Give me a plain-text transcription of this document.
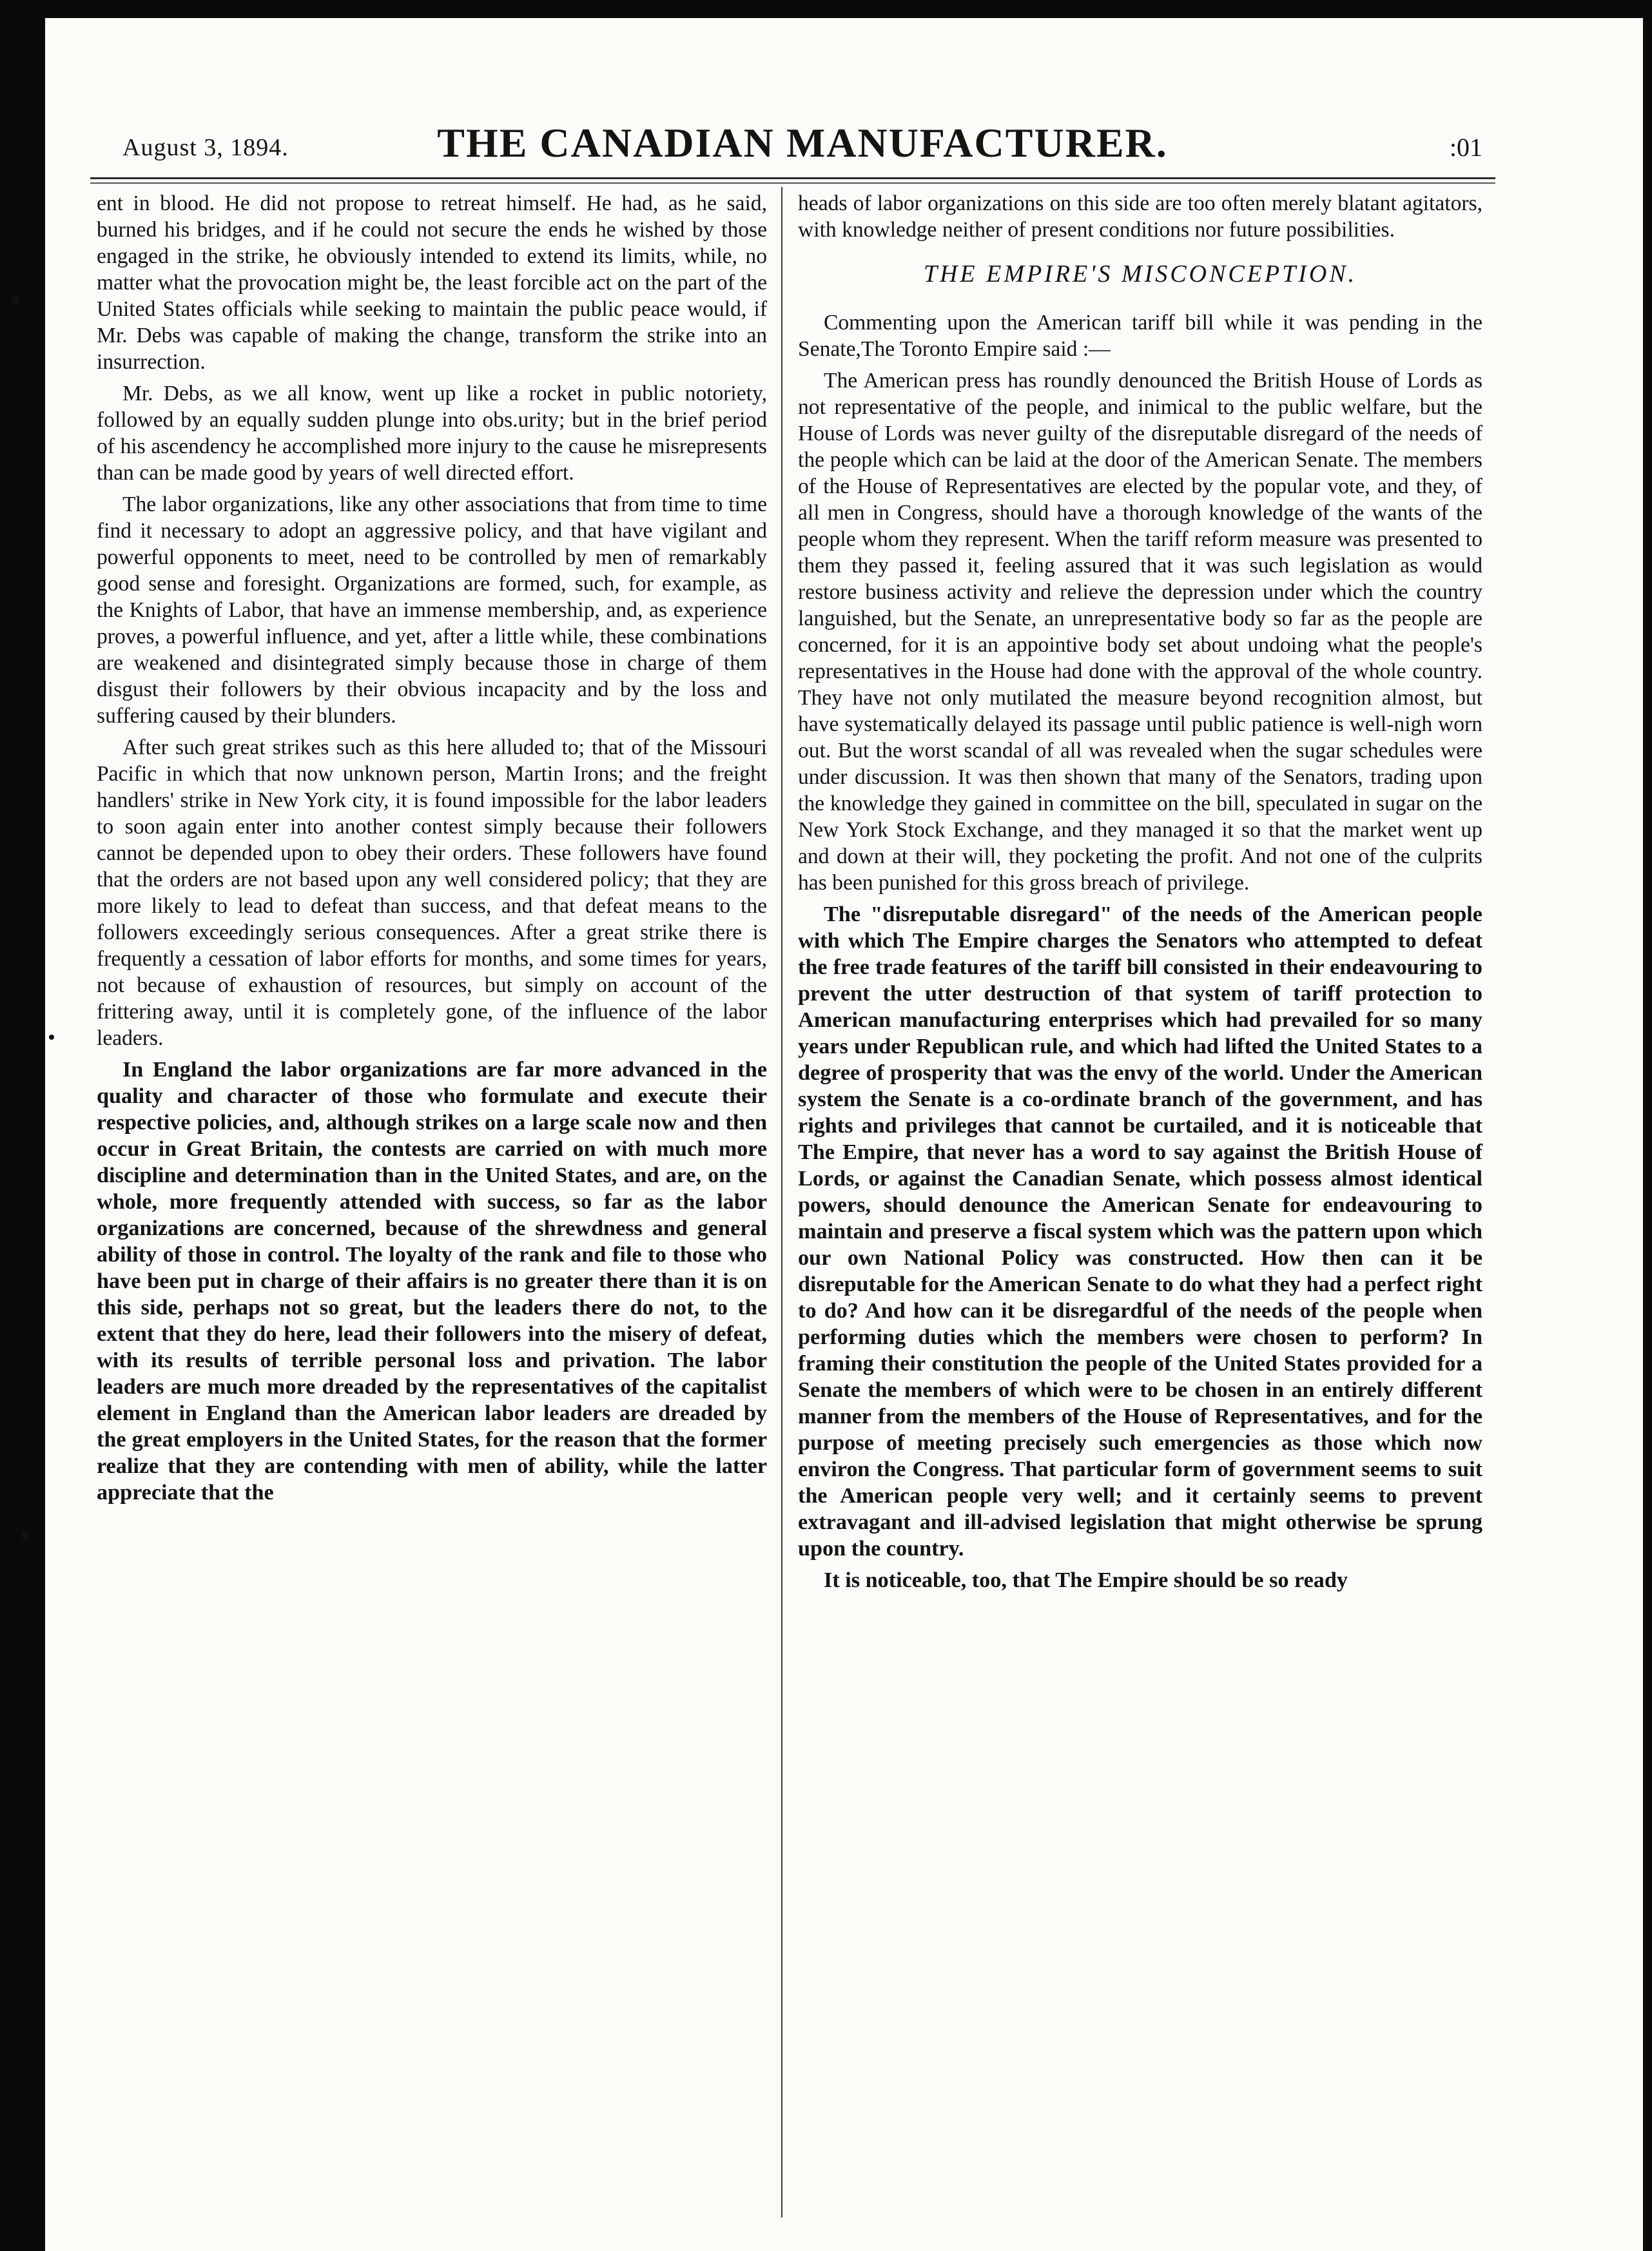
August 3, 1894.	THE CANADIAN MANUFACTURER.	:01

ent in blood. He did not propose to retreat himself. He had, as he said, burned his bridges, and if he could not secure the ends he wished by those engaged in the strike, he obviously intended to extend its limits, while, no matter what the provocation might be, the least forcible act on the part of the United States officials while seeking to maintain the public peace would, if Mr. Debs was capable of making the change, transform the strike into an insurrection.

Mr. Debs, as we all know, went up like a rocket in public notoriety, followed by an equally sudden plunge into obs.urity; but in the brief period of his ascendency he accomplished more injury to the cause he misrepresents than can be made good by years of well directed effort.

The labor organizations, like any other associations that from time to time find it necessary to adopt an aggressive policy, and that have vigilant and powerful opponents to meet, need to be controlled by men of remarkably good sense and foresight. Organizations are formed, such, for example, as the Knights of Labor, that have an immense membership, and, as experience proves, a powerful influence, and yet, after a little while, these combinations are weakened and disintegrated simply because those in charge of them disgust their followers by their obvious incapacity and by the loss and suffering caused by their blunders.

After such great strikes such as this here alluded to; that of the Missouri Pacific in which that now unknown person, Martin Irons; and the freight handlers' strike in New York city, it is found impossible for the labor leaders to soon again enter into another contest simply because their followers cannot be depended upon to obey their orders. These followers have found that the orders are not based upon any well considered policy; that they are more likely to lead to defeat than success, and that defeat means to the followers exceedingly serious consequences. After a great strike there is frequently a cessation of labor efforts for months, and some times for years, not because of exhaustion of resources, but simply on account of the frittering away, until it is completely gone, of the influence of the labor leaders.

In England the labor organizations are far more advanced in the quality and character of those who formulate and execute their respective policies, and, although strikes on a large scale now and then occur in Great Britain, the contests are carried on with much more discipline and determination than in the United States, and are, on the whole, more frequently attended with success, so far as the labor organizations are concerned, because of the shrewdness and general ability of those in control. The loyalty of the rank and file to those who have been put in charge of their affairs is no greater there than it is on this side, perhaps not so great, but the leaders there do not, to the extent that they do here, lead their followers into the misery of defeat, with its results of terrible personal loss and privation. The labor leaders are much more dreaded by the representatives of the capitalist element in England than the American labor leaders are dreaded by the great employers in the United States, for the reason that the former realize that they are contending with men of ability, while the latter appreciate that the

heads of labor organizations on this side are too often merely blatant agitators, with knowledge neither of present conditions nor future possibilities.

THE EMPIRE'S MISCONCEPTION.

Commenting upon the American tariff bill while it was pending in the Senate,The Toronto Empire said :—

The American press has roundly denounced the British House of Lords as not representative of the people, and inimical to the public welfare, but the House of Lords was never guilty of the disreputable disregard of the needs of the people which can be laid at the door of the American Senate. The members of the House of Representatives are elected by the popular vote, and they, of all men in Congress, should have a thorough knowledge of the wants of the people whom they represent. When the tariff reform measure was presented to them they passed it, feeling assured that it was such legislation as would restore business activity and relieve the depression under which the country languished, but the Senate, an unrepresentative body so far as the people are concerned, for it is an appointive body set about undoing what the people's representatives in the House had done with the approval of the whole country. They have not only mutilated the measure beyond recognition almost, but have systematically delayed its passage until public patience is well-nigh worn out. But the worst scandal of all was revealed when the sugar schedules were under discussion. It was then shown that many of the Senators, trading upon the knowledge they gained in committee on the bill, speculated in sugar on the New York Stock Exchange, and they managed it so that the market went up and down at their will, they pocketing the profit. And not one of the culprits has been punished for this gross breach of privilege.

The "disreputable disregard" of the needs of the American people with which The Empire charges the Senators who attempted to defeat the free trade features of the tariff bill consisted in their endeavouring to prevent the utter destruction of that system of tariff protection to American manufacturing enterprises which had prevailed for so many years under Republican rule, and which had lifted the United States to a degree of prosperity that was the envy of the world. Under the American system the Senate is a co-ordinate branch of the government, and has rights and privileges that cannot be curtailed, and it is noticeable that The Empire, that never has a word to say against the British House of Lords, or against the Canadian Senate, which possess almost identical powers, should denounce the American Senate for endeavouring to maintain and preserve a fiscal system which was the pattern upon which our own National Policy was constructed. How then can it be disreputable for the American Senate to do what they had a perfect right to do? And how can it be disregardful of the needs of the people when performing duties which the members were chosen to perform? In framing their constitution the people of the United States provided for a Senate the members of which were to be chosen in an entirely different manner from the members of the House of Representatives, and for the purpose of meeting precisely such emergencies as those which now environ the Congress. That particular form of government seems to suit the American people very well; and it certainly seems to prevent extravagant and ill-advised legislation that might otherwise be sprung upon the country.

It is noticeable, too, that The Empire should be so ready
